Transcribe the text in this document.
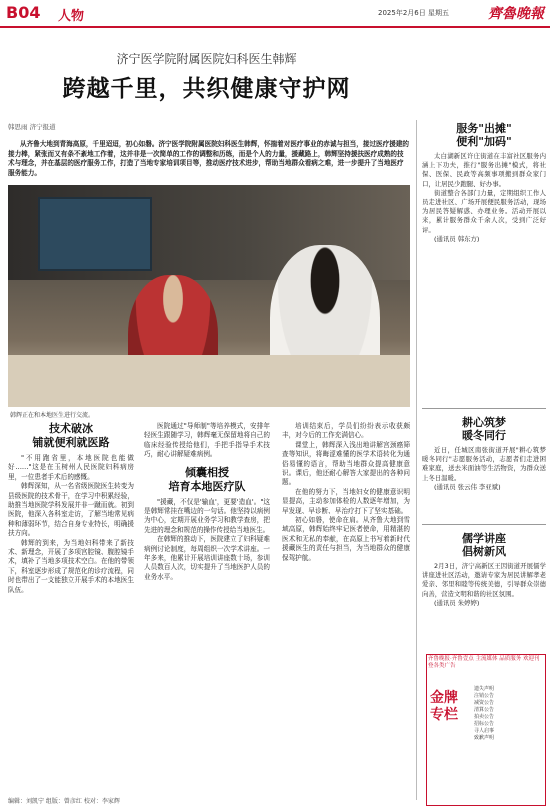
B04 人物	2025年2月6日 星期五	齊魯晚報
济宁医学院附属医院妇科医生韩辉
跨越千里，共织健康守护网
韩思雨 济宁报道
从齐鲁大地到青海高原，千里迢迢，初心如磐。济宁医学院附属医院妇科医生韩辉，怀揣着对医疗事业的赤诚与担当，接过医疗援建的接力棒，紧张而又有条不紊地工作着，这并非是一次简单的工作的调整和历练，而是个人的力量，援藏路上，韩辉坚持援扶医疗成熟的技术与理念，并在基层的医疗服务工作，打造了当地专家培训项目等，推动医疗技术进步，帮助当地群众看病之难，进一步提升了当地医疗服务能力。
韩辉正在和本地医生进行交流。
技术破冰
铺就便利就医路

"不用跑省里，本地医院也能做好……"这是在玉树州人民医院妇科病房里，一位患者手术后的感慨。

韩辉深知，从一名省级医院医生转变为县级医院的技术骨干，在学习中积累经验，助推当地医院学科发展并非一蹴而就。初到医院，他深入各科室走访，了解当地常见病种和薄弱环节，结合自身专业特长，明确援扶方向。

韩辉的到来，为当地妇科带来了新技术、新理念，开展了多项宫腔镜、腹腔镜手术，填补了当地多项技术空白。在他的带领下，科室逐步形成了规范化的诊疗流程，同时也带出了一支能独立开展手术的本地医生队伍。

医院通过"导师制"等培养模式，安排年轻医生跟随学习，韩辉毫无保留地将自己的临床经验传授给他们，手把手指导手术技巧，耐心讲解疑难病例。

倾囊相授
培育本地医疗队

"援藏，不仅是'输血'，更要'造血'。"这是韩辉常挂在嘴边的一句话。他坚持以病例为中心，定期开展业务学习和教学查房，把先进的理念和规范的操作传授给当地医生。

在韩辉的推动下，医院建立了妇科疑难病例讨论制度，每周组织一次学术讲座。一年多来，他累计开展培训讲座数十场，参训人员数百人次，切实提升了当地医护人员的业务水平。

培训结束后，学员们纷纷表示收获颇丰，对今后的工作充满信心。

课堂上，韩辉深入浅出地讲解宫颈癌筛查等知识，将晦涩难懂的医学术语转化为通俗易懂的语言，帮助当地群众提高健康意识。课后，他还耐心解答大家提出的各种问题。

在他的努力下，当地妇女的健康意识明显提高，主动参加体检的人数逐年增加，为早发现、早诊断、早治疗打下了坚实基础。

初心如磐，使命在肩。从齐鲁大地到雪域高原，韩辉始终牢记医者使命，用精湛的医术和无私的奉献，在高原上书写着新时代援藏医生的责任与担当，为当地群众的健康保驾护航。

服务"出摊"
便利"加码"

太白湖新区许庄街道在丰富社区服务内涵上下功夫，推行"服务出摊"模式，将社保、医保、民政等高频事项搬到群众家门口，让居民少跑腿、好办事。

街道整合各部门力量，定期组织工作人员走进社区、广场开展便民服务活动，现场为居民答疑解惑、办理业务。活动开展以来，累计服务群众千余人次，受到广泛好评。

(通讯员 韩东方)

耕心筑梦
暖冬同行

近日，任城区南张街道开展"耕心筑梦 暖冬同行"志愿服务活动，志愿者们走进困难家庭，送去米面油等生活物资，为群众送上冬日温暖。

(通讯员 张云伟 李亚斌)

儒学讲座
倡树新风

2月3日，济宁高新区王因街道开展儒学讲座进社区活动，邀请专家为居民讲解孝老爱亲、邻里和睦等传统美德，引导群众崇德向善，营造文明和谐的社区氛围。

(通讯员 朱婷婷)

齐鲁晚报·齐鲁壹点 主流媒体 品质服务 欢迎刊登各类广告
金牌专栏
遗失声明
注销公告
减资公告
清算公告
拍卖公告
招标公告
寻人启事
致歉声明
编辑：刘凯宁 组版：曾彦红 校对：李家辉
